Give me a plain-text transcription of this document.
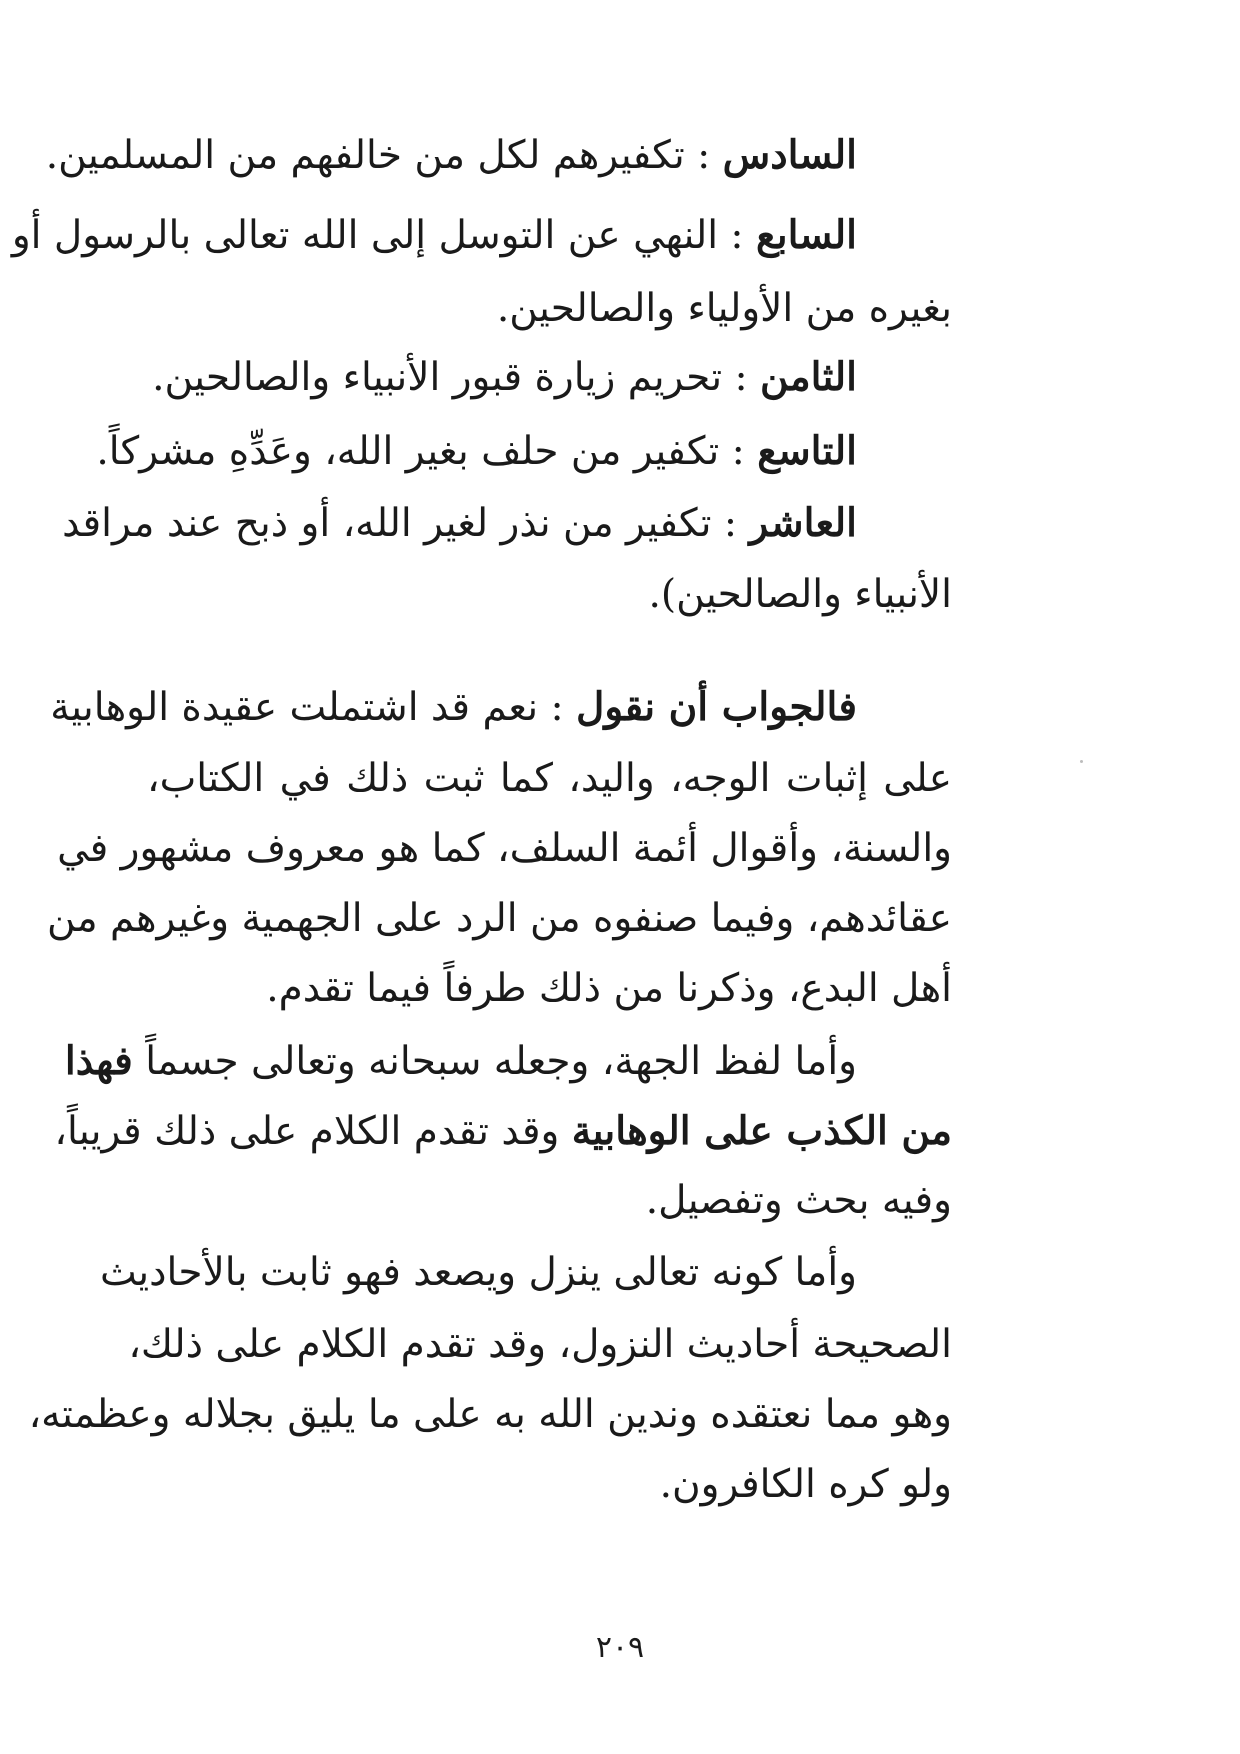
السادس : تكفيرهم لكل من خالفهم من المسلمين.
السابع : النهي عن التوسل إلى الله تعالى بالرسول أو
بغيره من الأولياء والصالحين.
الثامن : تحريم زيارة قبور الأنبياء والصالحين.
التاسع : تكفير من حلف بغير الله، وعَدِّهِ مشركاً.
العاشر : تكفير من نذر لغير الله، أو ذبح عند مراقد
الأنبياء والصالحين).
فالجواب أن نقول : نعم قد اشتملت عقيدة الوهابية
على إثبات الوجه، واليد، كما ثبت ذلك في الكتاب،
والسنة، وأقوال أئمة السلف، كما هو معروف مشهور في
عقائدهم، وفيما صنفوه من الرد على الجهمية وغيرهم من
أهل البدع، وذكرنا من ذلك طرفاً فيما تقدم.
وأما لفظ الجهة، وجعله سبحانه وتعالى جسماً فهذا
من الكذب على الوهابية وقد تقدم الكلام على ذلك قريباً،
وفيه بحث وتفصيل.
وأما كونه تعالى ينزل ويصعد فهو ثابت بالأحاديث
الصحيحة أحاديث النزول، وقد تقدم الكلام على ذلك،
وهو مما نعتقده وندين الله به على ما يليق بجلاله وعظمته،
ولو كره الكافرون.
٢٠٩
